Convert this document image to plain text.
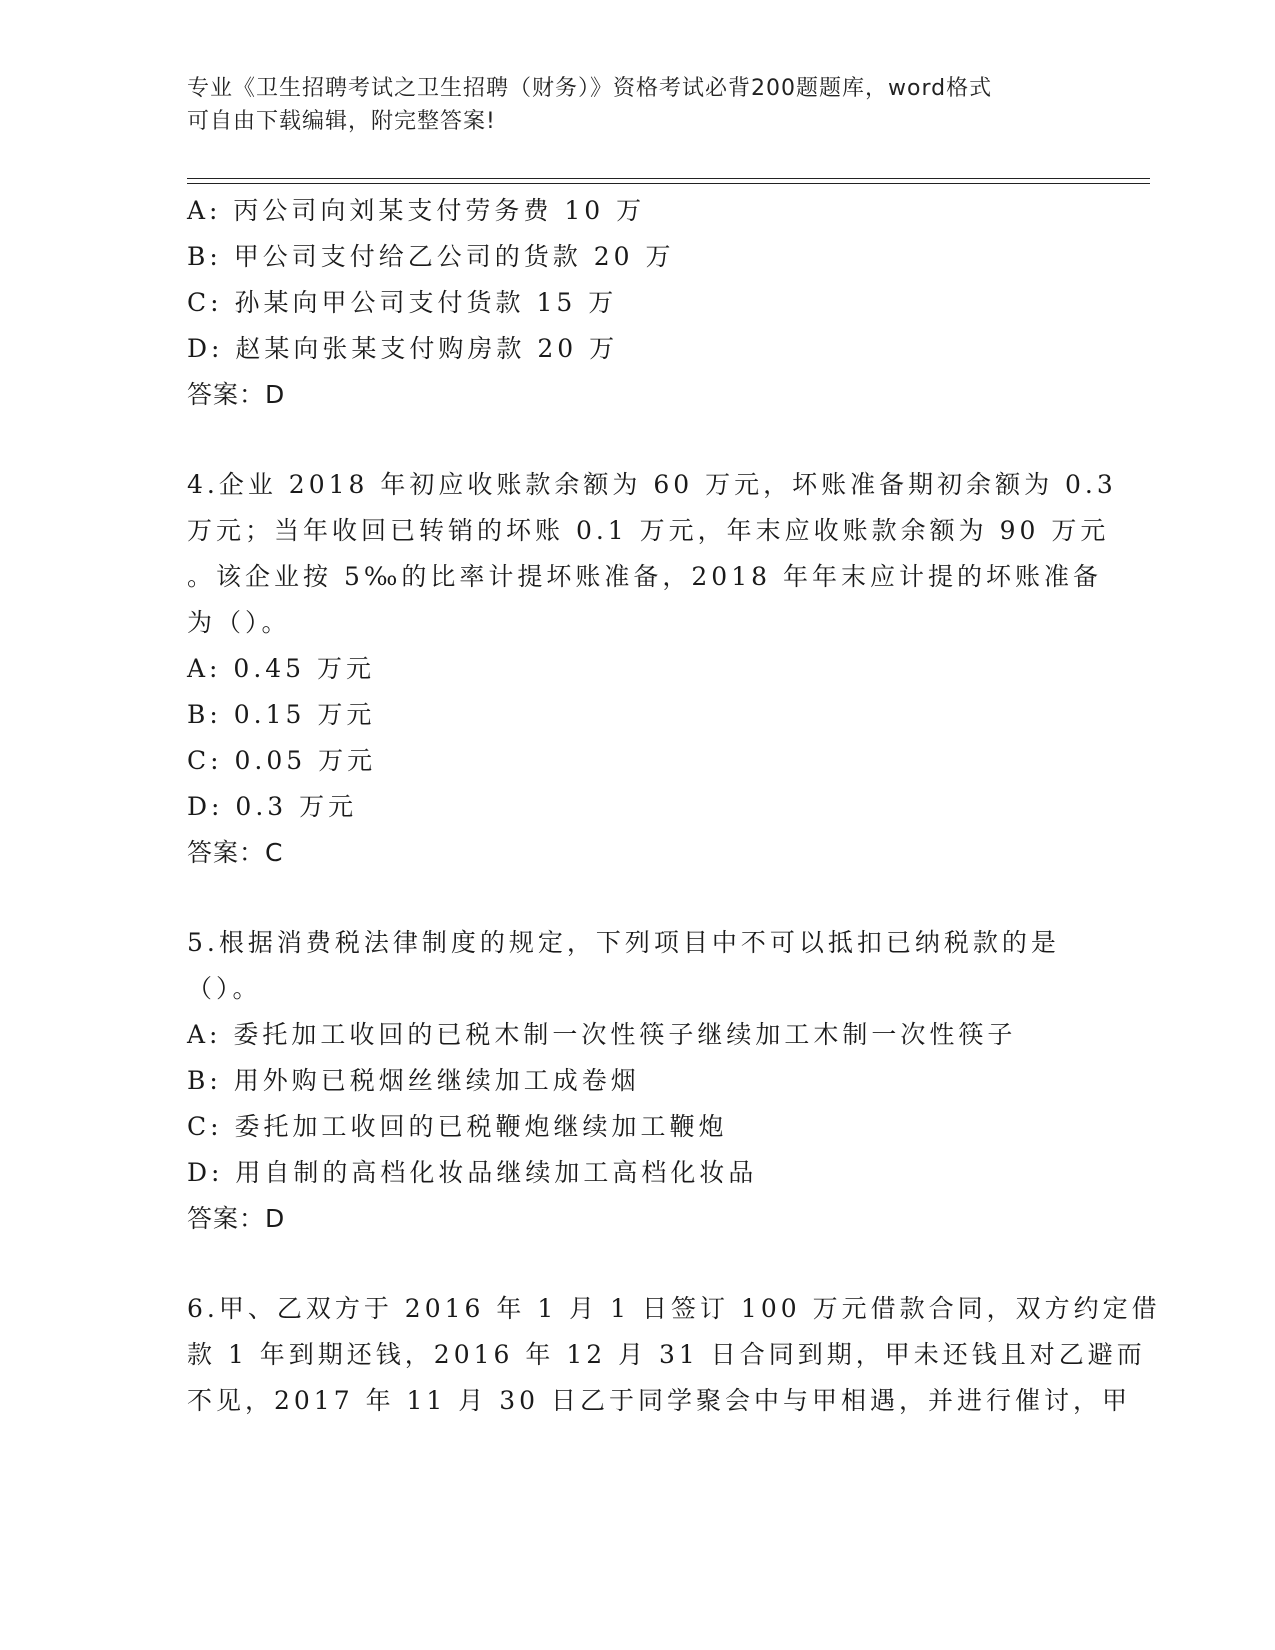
专业《卫生招聘考试之卫生招聘（财务）》资格考试必背200题题库，word格式
可自由下载编辑，附完整答案!
A: 丙公司向刘某支付劳务费 10 万
B: 甲公司支付给乙公司的货款 20 万
C: 孙某向甲公司支付货款 15 万
D: 赵某向张某支付购房款 20 万
答案：D
4.企业 2018 年初应收账款余额为 60 万元，坏账准备期初余额为 0.3
万元；当年收回已转销的坏账 0.1 万元，年末应收账款余额为 90 万元
。该企业按 5‰的比率计提坏账准备，2018 年年末应计提的坏账准备
为（）。
A: 0.45 万元
B: 0.15 万元
C: 0.05 万元
D: 0.3 万元
答案：C
5.根据消费税法律制度的规定，下列项目中不可以抵扣已纳税款的是
（）。
A: 委托加工收回的已税木制一次性筷子继续加工木制一次性筷子
B: 用外购已税烟丝继续加工成卷烟
C: 委托加工收回的已税鞭炮继续加工鞭炮
D: 用自制的高档化妆品继续加工高档化妆品
答案：D
6.甲、乙双方于 2016 年 1 月 1 日签订 100 万元借款合同，双方约定借
款 1 年到期还钱，2016 年 12 月 31 日合同到期，甲未还钱且对乙避而
不见，2017 年 11 月 30 日乙于同学聚会中与甲相遇，并进行催讨，甲
